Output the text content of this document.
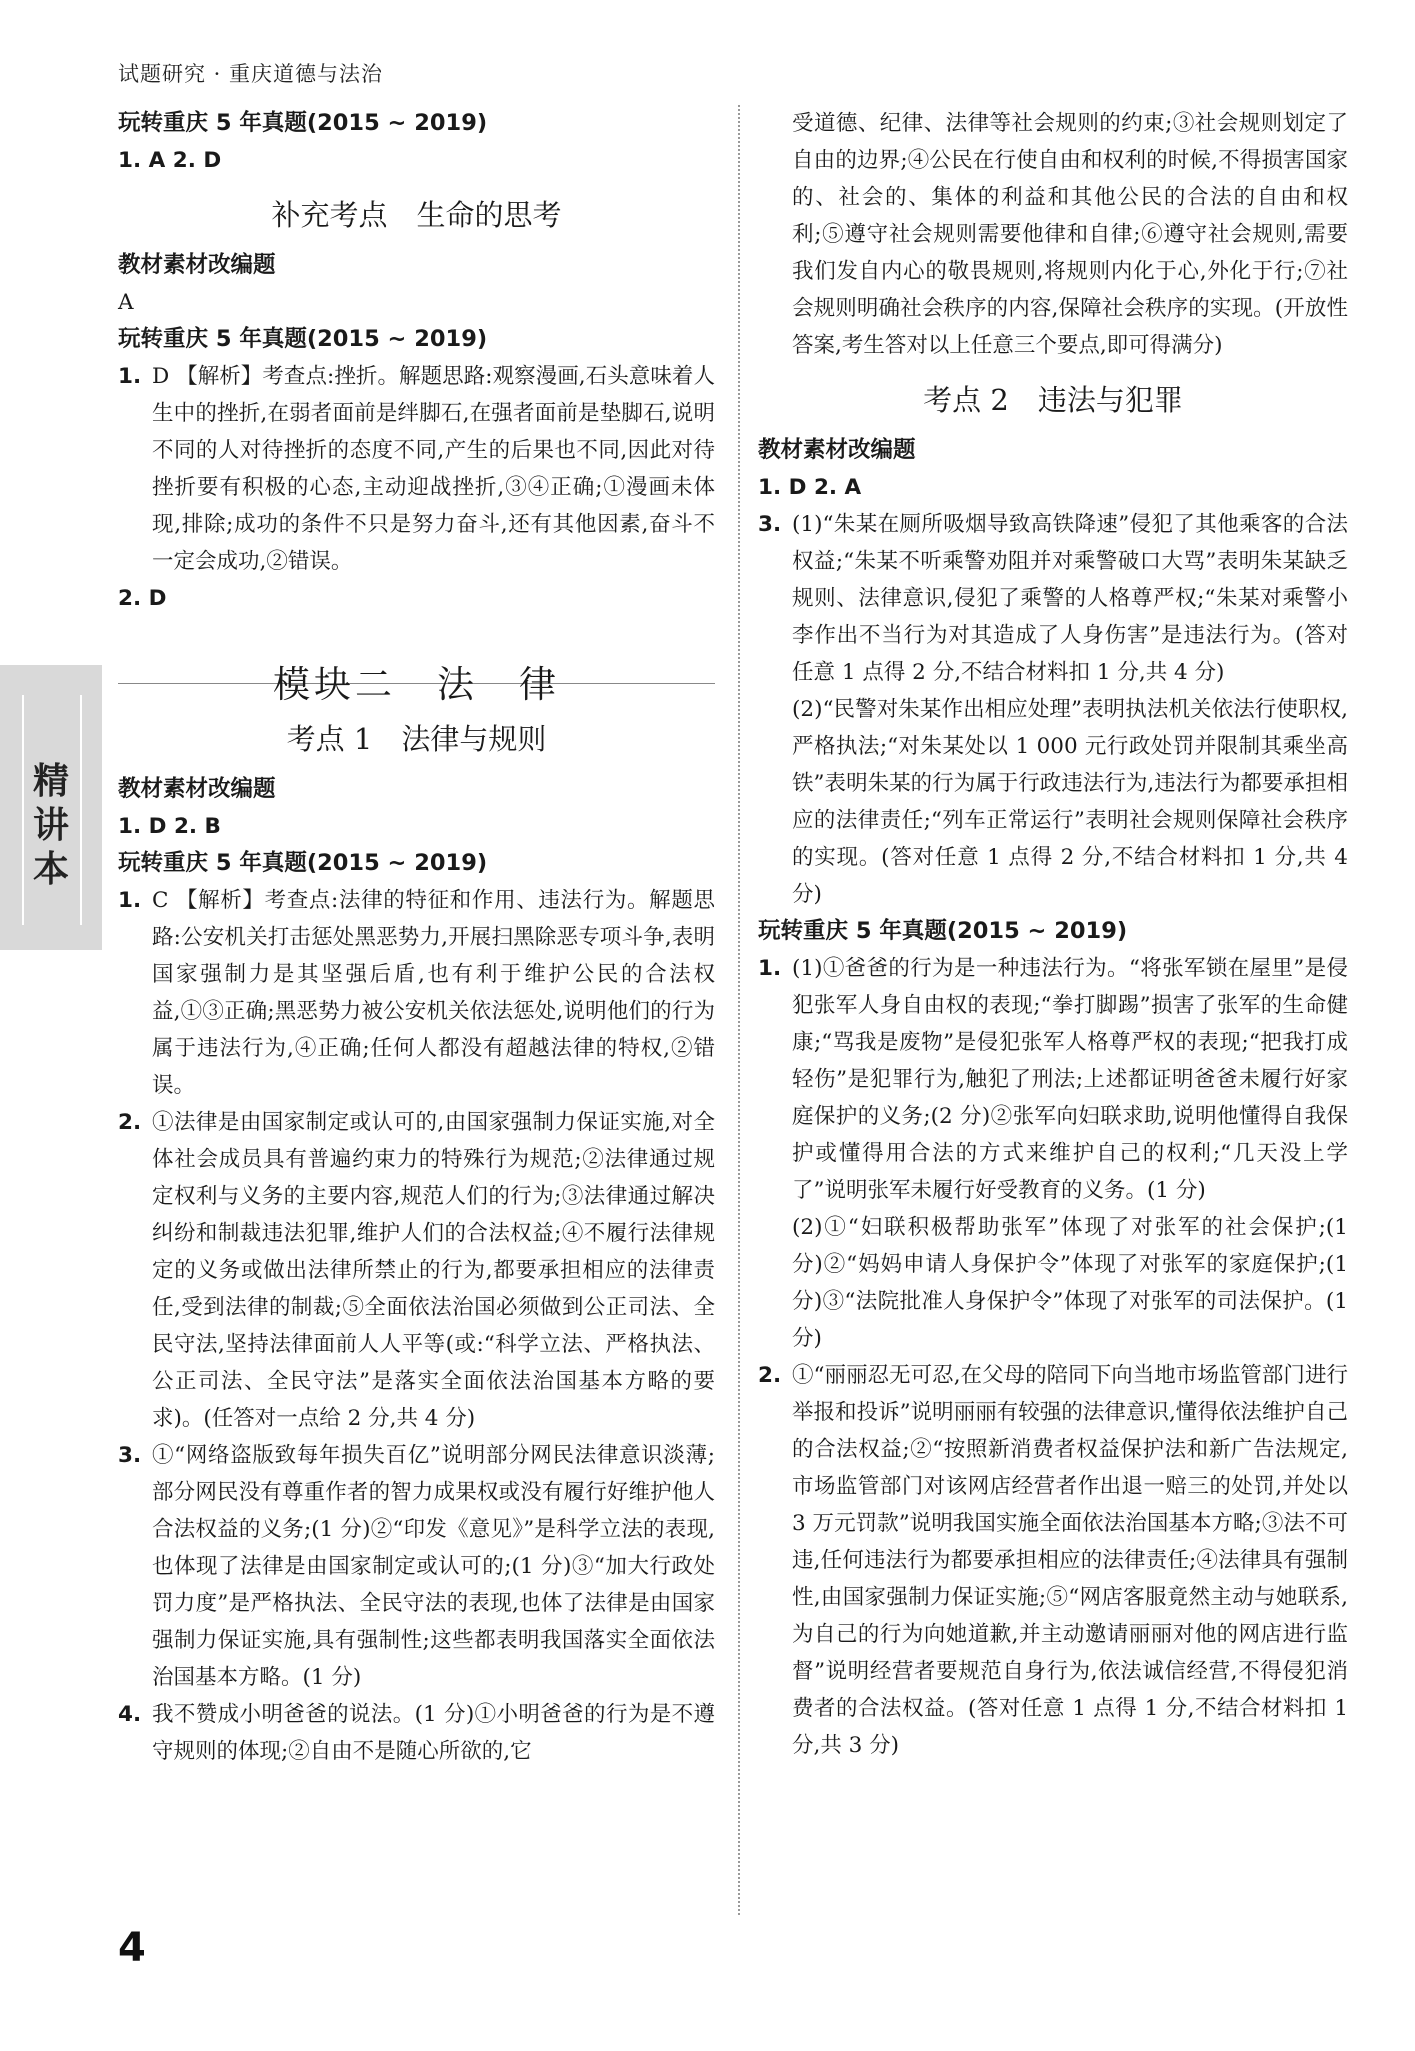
试题研究 · 重庆道德与法治
精
讲
本
玩转重庆 5 年真题(2015 ~ 2019)
1. A 2. D
补充考点　生命的思考
教材素材改编题
A
玩转重庆 5 年真题(2015 ~ 2019)
1. D 【解析】考查点:挫折。解题思路:观察漫画,石头意味着人生中的挫折,在弱者面前是绊脚石,在强者面前是垫脚石,说明不同的人对待挫折的态度不同,产生的后果也不同,因此对待挫折要有积极的心态,主动迎战挫折,③④正确;①漫画未体现,排除;成功的条件不只是努力奋斗,还有其他因素,奋斗不一定会成功,②错误。
2. D
模块二　法　律
考点 1　法律与规则
教材素材改编题
1. D 2. B
玩转重庆 5 年真题(2015 ~ 2019)
1. C 【解析】考查点:法律的特征和作用、违法行为。解题思路:公安机关打击惩处黑恶势力,开展扫黑除恶专项斗争,表明国家强制力是其坚强后盾,也有利于维护公民的合法权益,①③正确;黑恶势力被公安机关依法惩处,说明他们的行为属于违法行为,④正确;任何人都没有超越法律的特权,②错误。
2. ①法律是由国家制定或认可的,由国家强制力保证实施,对全体社会成员具有普遍约束力的特殊行为规范;②法律通过规定权利与义务的主要内容,规范人们的行为;③法律通过解决纠纷和制裁违法犯罪,维护人们的合法权益;④不履行法律规定的义务或做出法律所禁止的行为,都要承担相应的法律责任,受到法律的制裁;⑤全面依法治国必须做到公正司法、全民守法,坚持法律面前人人平等(或:“科学立法、严格执法、公正司法、全民守法”是落实全面依法治国基本方略的要求)。(任答对一点给 2 分,共 4 分)
3. ①“网络盗版致每年损失百亿”说明部分网民法律意识淡薄;部分网民没有尊重作者的智力成果权或没有履行好维护他人合法权益的义务;(1 分)②“印发《意见》”是科学立法的表现,也体现了法律是由国家制定或认可的;(1 分)③“加大行政处罚力度”是严格执法、全民守法的表现,也体了法律是由国家强制力保证实施,具有强制性;这些都表明我国落实全面依法治国基本方略。(1 分)
4. 我不赞成小明爸爸的说法。(1 分)①小明爸爸的行为是不遵守规则的体现;②自由不是随心所欲的,它
受道德、纪律、法律等社会规则的约束;③社会规则划定了自由的边界;④公民在行使自由和权利的时候,不得损害国家的、社会的、集体的利益和其他公民的合法的自由和权利;⑤遵守社会规则需要他律和自律;⑥遵守社会规则,需要我们发自内心的敬畏规则,将规则内化于心,外化于行;⑦社会规则明确社会秩序的内容,保障社会秩序的实现。(开放性答案,考生答对以上任意三个要点,即可得满分)
考点 2　违法与犯罪
教材素材改编题
1. D 2. A
3. (1)“朱某在厕所吸烟导致高铁降速”侵犯了其他乘客的合法权益;“朱某不听乘警劝阻并对乘警破口大骂”表明朱某缺乏规则、法律意识,侵犯了乘警的人格尊严权;“朱某对乘警小李作出不当行为对其造成了人身伤害”是违法行为。(答对任意 1 点得 2 分,不结合材料扣 1 分,共 4 分)
(2)“民警对朱某作出相应处理”表明执法机关依法行使职权,严格执法;“对朱某处以 1 000 元行政处罚并限制其乘坐高铁”表明朱某的行为属于行政违法行为,违法行为都要承担相应的法律责任;“列车正常运行”表明社会规则保障社会秩序的实现。(答对任意 1 点得 2 分,不结合材料扣 1 分,共 4 分)
玩转重庆 5 年真题(2015 ~ 2019)
1. (1)①爸爸的行为是一种违法行为。“将张军锁在屋里”是侵犯张军人身自由权的表现;“拳打脚踢”损害了张军的生命健康;“骂我是废物”是侵犯张军人格尊严权的表现;“把我打成轻伤”是犯罪行为,触犯了刑法;上述都证明爸爸未履行好家庭保护的义务;(2 分)②张军向妇联求助,说明他懂得自我保护或懂得用合法的方式来维护自己的权利;“几天没上学了”说明张军未履行好受教育的义务。(1 分)
(2)①“妇联积极帮助张军”体现了对张军的社会保护;(1 分)②“妈妈申请人身保护令”体现了对张军的家庭保护;(1 分)③“法院批准人身保护令”体现了对张军的司法保护。(1 分)
2. ①“丽丽忍无可忍,在父母的陪同下向当地市场监管部门进行举报和投诉”说明丽丽有较强的法律意识,懂得依法维护自己的合法权益;②“按照新消费者权益保护法和新广告法规定,市场监管部门对该网店经营者作出退一赔三的处罚,并处以 3 万元罚款”说明我国实施全面依法治国基本方略;③法不可违,任何违法行为都要承担相应的法律责任;④法律具有强制性,由国家强制力保证实施;⑤“网店客服竟然主动与她联系,为自己的行为向她道歉,并主动邀请丽丽对他的网店进行监督”说明经营者要规范自身行为,依法诚信经营,不得侵犯消费者的合法权益。(答对任意 1 点得 1 分,不结合材料扣 1 分,共 3 分)
4
